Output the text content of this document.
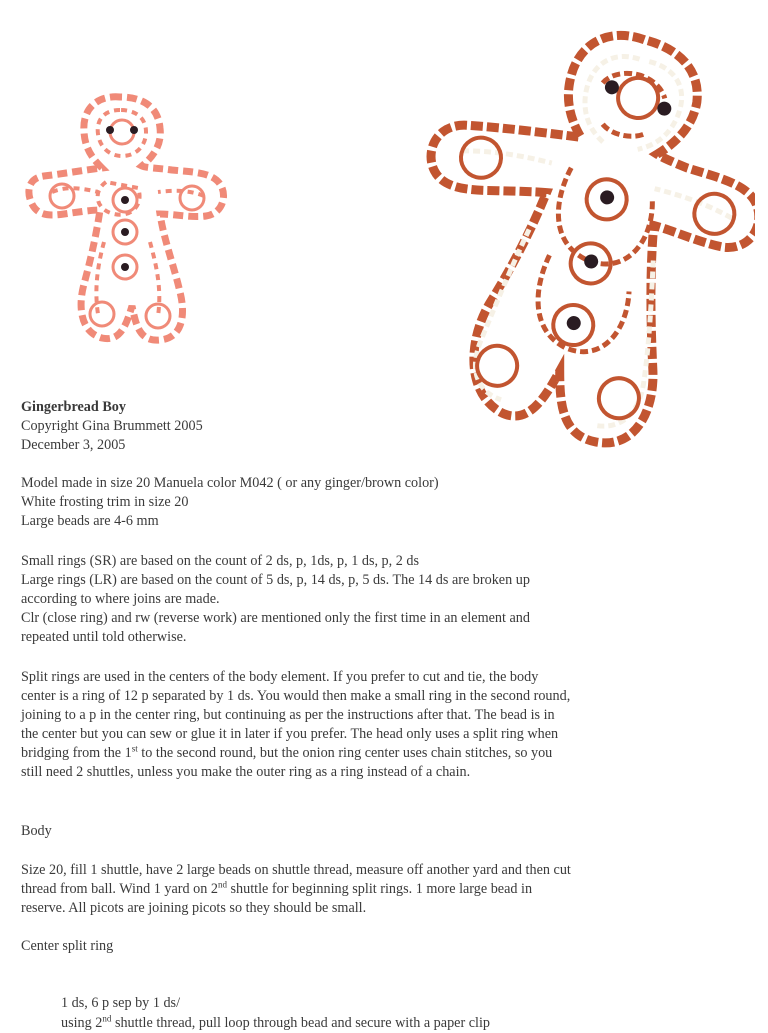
Gingerbread Boy

Copyright Gina Brummett 2005

December 3, 2005

Model made in size 20 Manuela color M042 ( or any ginger/brown color)

White frosting trim in size 20

Large beads are 4-6 mm

Small rings (SR) are based on the count of 2 ds, p, 1ds, p, 1 ds, p, 2 ds

Large rings (LR) are based on the count of 5 ds, p, 14 ds, p, 5 ds. The 14 ds are broken up

according to where joins are made.

Clr (close ring) and rw (reverse work) are mentioned only the first time in an element and

repeated until told otherwise.

Split rings are used in the centers of the body element. If you prefer to cut and tie, the body

center is a ring of 12 p separated by 1 ds. You would then make a small ring in the second round,

joining to a p in the center ring, but continuing as per the instructions after that. The bead is in

the center but you can sew or glue it in later if you prefer. The head only uses a split ring when

bridging from the 1st to the second round, but the onion ring center uses chain stitches, so you

still need 2 shuttles, unless you make the outer ring as a ring instead of a chain.

Body

Size 20, fill 1 shuttle, have 2 large beads on shuttle thread, measure off another yard and then cut

thread from ball. Wind 1 yard on 2nd shuttle for beginning split rings. 1 more large bead in

reserve. All picots are joining picots so they should be small.

Center split ring

1 ds, 6 p sep by 1 ds/

using 2nd shuttle thread, pull loop through bead and secure with a paper clip
